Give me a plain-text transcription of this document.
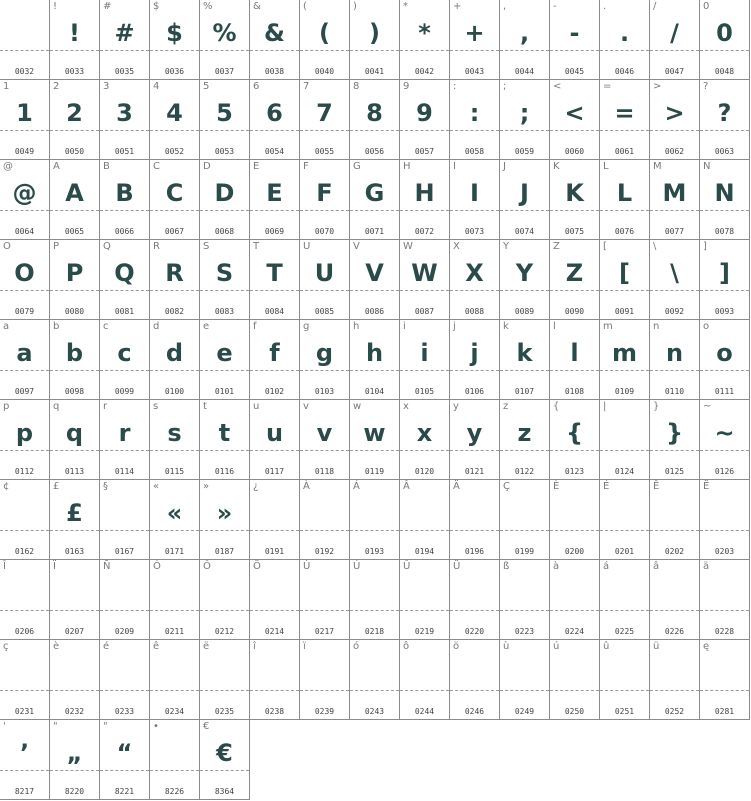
0032
!
!
0033
#
#
0035
$
$
0036
%
%
0037
&
&
0038
(
(
0040
)
)
0041
*
*
0042
+
+
0043
,
,
0044
-
-
0045
.
.
0046
/
/
0047
0
0
0048
1
1
0049
2
2
0050
3
3
0051
4
4
0052
5
5
0053
6
6
0054
7
7
0055
8
8
0056
9
9
0057
:
:
0058
;
;
0059
<
<
0060
=
=
0061
>
>
0062
?
?
0063
@
@
0064
A
A
0065
B
B
0066
C
C
0067
D
D
0068
E
E
0069
F
F
0070
G
G
0071
H
H
0072
I
I
0073
J
J
0074
K
K
0075
L
L
0076
M
M
0077
N
N
0078
O
O
0079
P
P
0080
Q
Q
0081
R
R
0082
S
S
0083
T
T
0084
U
U
0085
V
V
0086
W
W
0087
X
X
0088
Y
Y
0089
Z
Z
0090
[
[
0091
\
\
0092
]
]
0093
a
a
0097
b
b
0098
c
c
0099
d
d
0100
e
e
0101
f
f
0102
g
g
0103
h
h
0104
i
i
0105
j
j
0106
k
k
0107
l
l
0108
m
m
0109
n
n
0110
o
o
0111
p
p
0112
q
q
0113
r
r
0114
s
s
0115
t
t
0116
u
u
0117
v
v
0118
w
w
0119
x
x
0120
y
y
0121
z
z
0122
{
{
0123
|
0124
}
}
0125
~
~
0126
¢
0162
£
£
0163
§
0167
«
«
0171
»
»
0187
¿
0191
À
0192
Á
0193
Â
0194
Ä
0196
Ç
0199
È
0200
É
0201
Ê
0202
Ë
0203
Î
0206
Ï
0207
Ñ
0209
Ó
0211
Ô
0212
Ö
0214
Ù
0217
Ú
0218
Û
0219
Ü
0220
ß
0223
à
0224
á
0225
â
0226
ä
0228
ç
0231
è
0232
é
0233
ê
0234
ë
0235
î
0238
ï
0239
ó
0243
ô
0244
ö
0246
ù
0249
ú
0250
û
0251
ü
0252
ę
0281
'
’
8217
"
„
8220
"
“
8221
•
8226
€
€
8364
